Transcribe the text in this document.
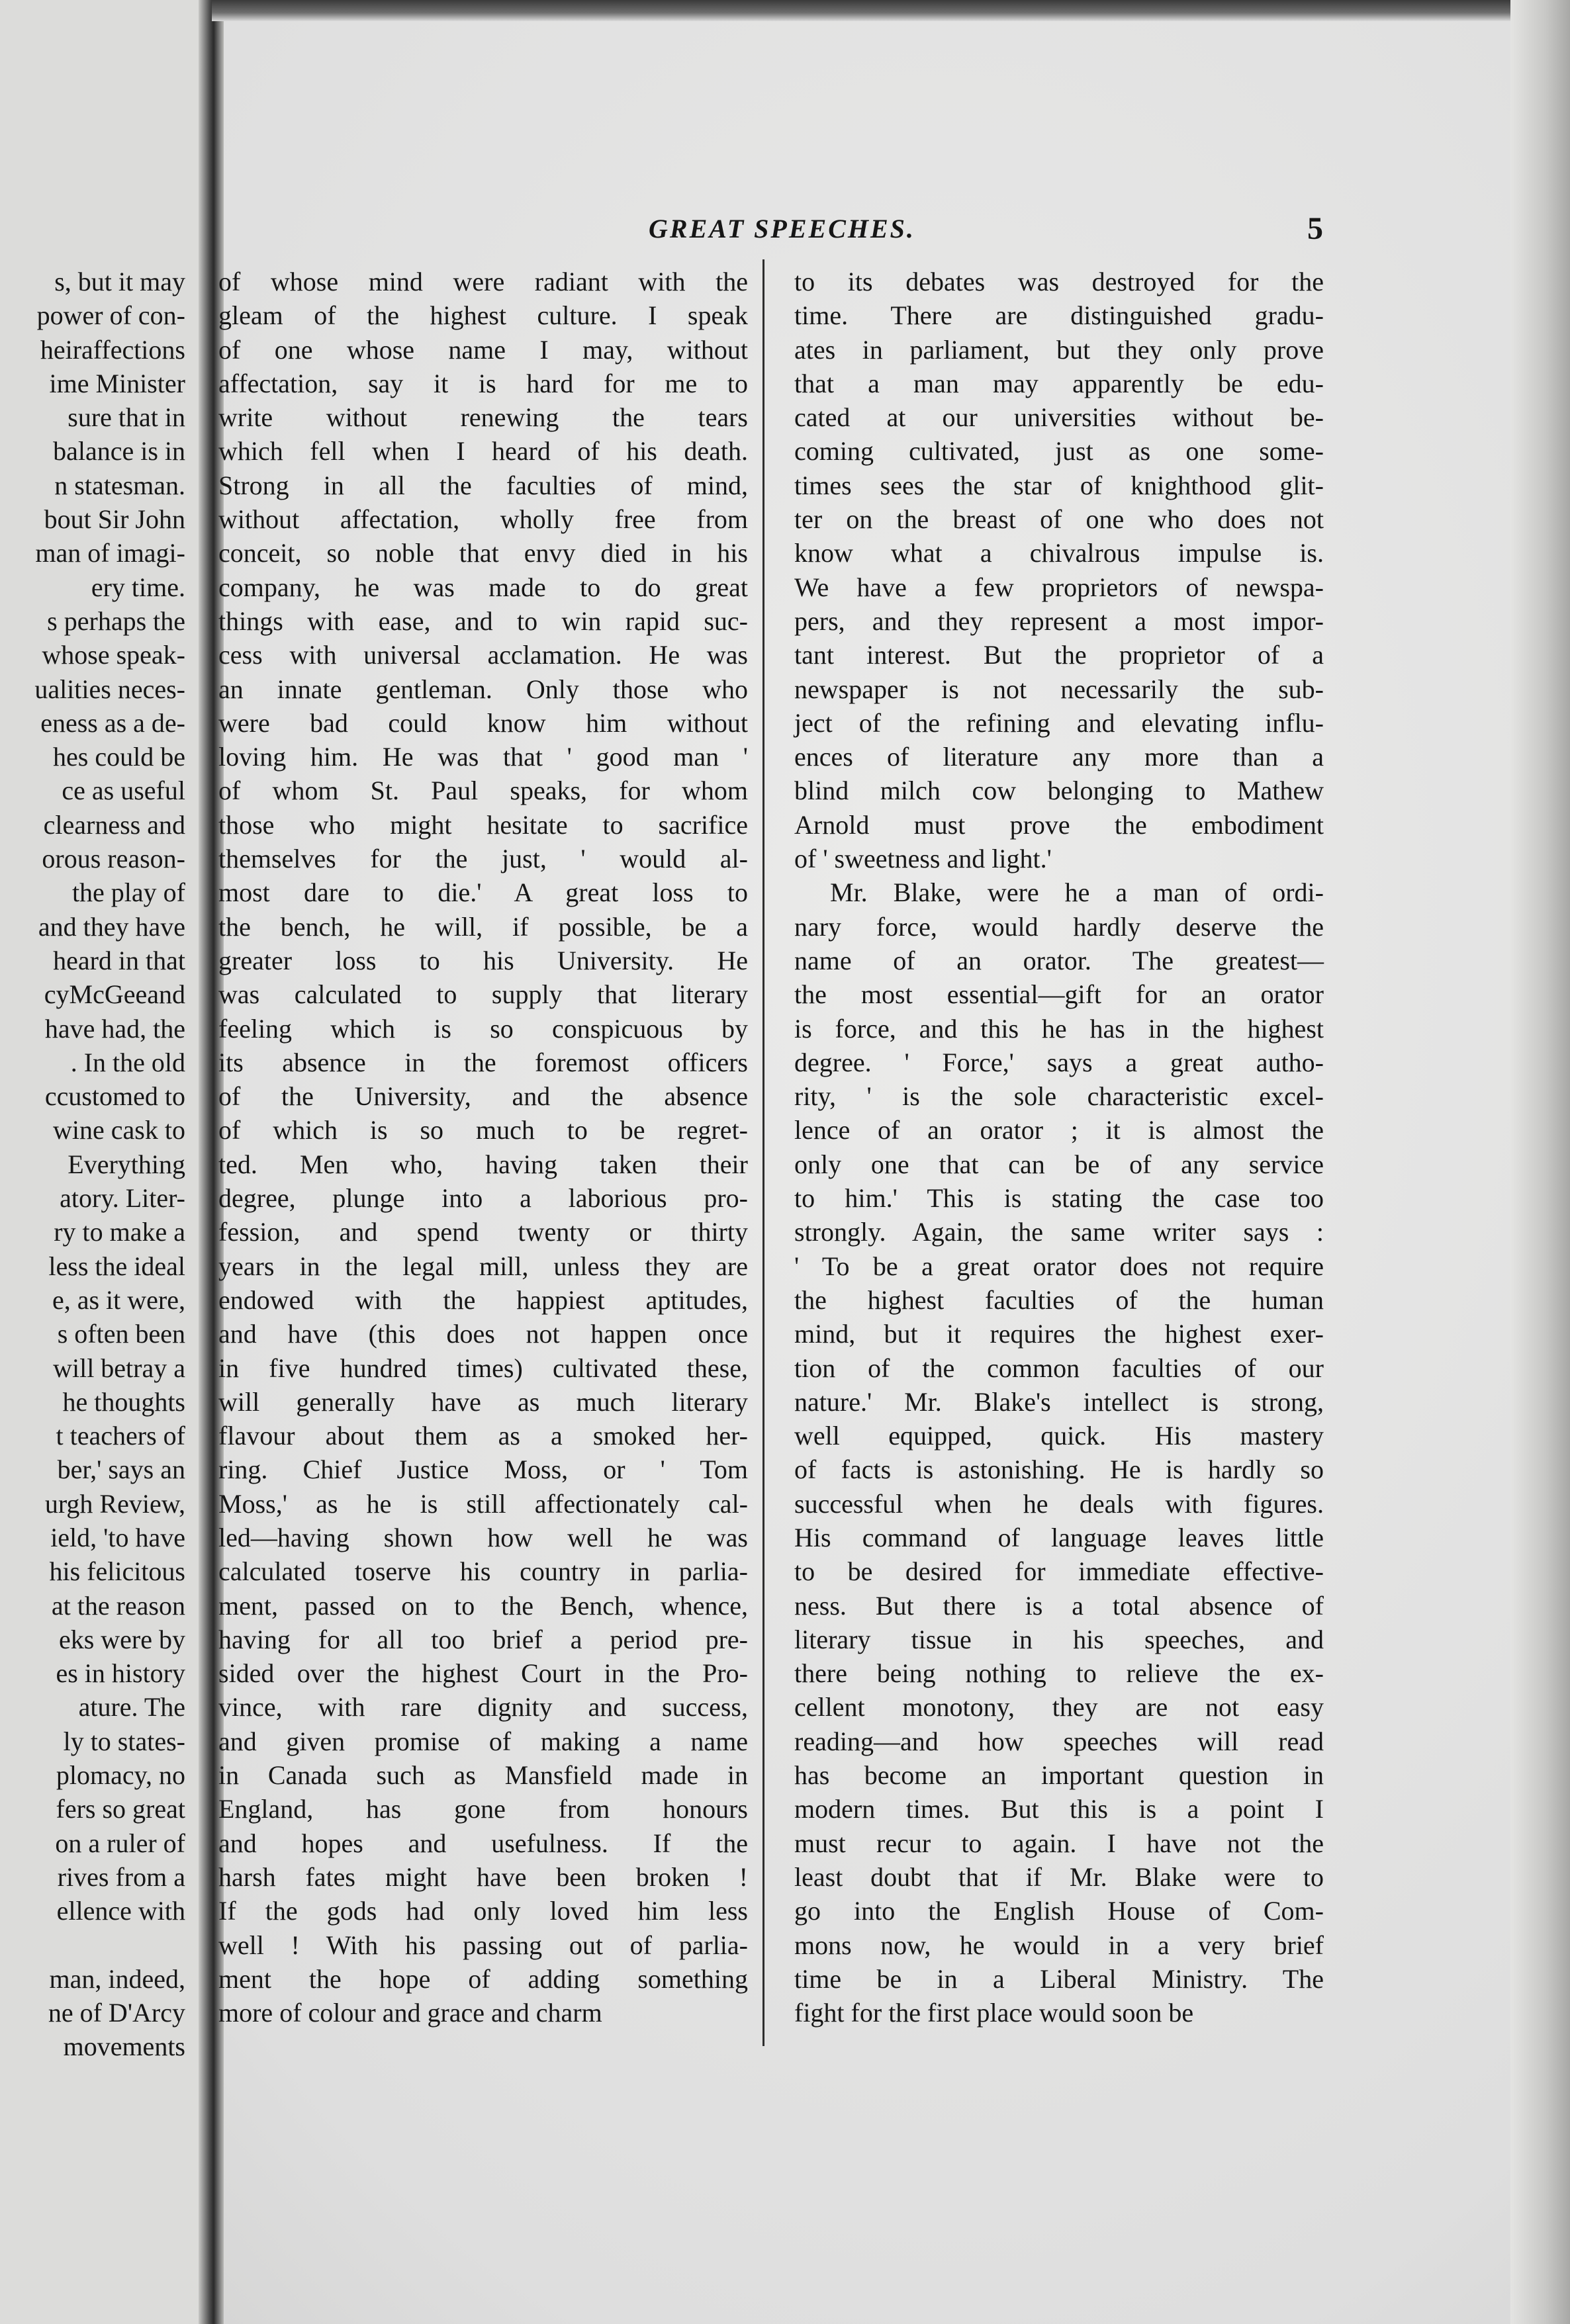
s, but it may
power of con-
heiraffections
ime Minister
sure that in
balance is in
n statesman.
bout Sir John
man of imagi-
ery time.
s perhaps the
whose speak-
ualities neces-
eness as a de-
hes could be
ce as useful
clearness and
orous reason-
the play of
and they have
heard in that
cyMcGeeand
have had, the
. In the old
ccustomed to
wine cask to
Everything
atory. Liter-
ry to make a
less the ideal
e, as it were,
s often been
will betray a
he thoughts
t teachers of
ber,' says an
urgh Review,
ield, 'to have
his felicitous
at the reason
eks were by
es in history
ature. The
ly to states-
plomacy, no
fers so great
on a ruler of
rives from a
ellence with
man, indeed,
ne of D'Arcy
movements
GREAT SPEECHES.	5
of whose mind were radiant with the
gleam of the highest culture. I speak
of one whose name I may, without
affectation, say it is hard for me to
write without renewing the tears
which fell when I heard of his death.
Strong in all the faculties of mind,
without affectation, wholly free from
conceit, so noble that envy died in his
company, he was made to do great
things with ease, and to win rapid suc-
cess with universal acclamation. He was
an innate gentleman. Only those who
were bad could know him without
loving him. He was that ' good man '
of whom St. Paul speaks, for whom
those who might hesitate to sacrifice
themselves for the just, ' would al-
most dare to die.' A great loss to
the bench, he will, if possible, be a
greater loss to his University. He
was calculated to supply that literary
feeling which is so conspicuous by
its absence in the foremost officers
of the University, and the absence
of which is so much to be regret-
ted. Men who, having taken their
degree, plunge into a laborious pro-
fession, and spend twenty or thirty
years in the legal mill, unless they are
endowed with the happiest aptitudes,
and have (this does not happen once
in five hundred times) cultivated these,
will generally have as much literary
flavour about them as a smoked her-
ring. Chief Justice Moss, or ' Tom
Moss,' as he is still affectionately cal-
led—having shown how well he was
calculated toserve his country in parlia-
ment, passed on to the Bench, whence,
having for all too brief a period pre-
sided over the highest Court in the Pro-
vince, with rare dignity and success,
and given promise of making a name
in Canada such as Mansfield made in
England, has gone from honours
and hopes and usefulness. If the
harsh fates might have been broken !
If the gods had only loved him less
well ! With his passing out of parlia-
ment the hope of adding something
more of colour and grace and charm
to its debates was destroyed for the
time. There are distinguished gradu-
ates in parliament, but they only prove
that a man may apparently be edu-
cated at our universities without be-
coming cultivated, just as one some-
times sees the star of knighthood glit-
ter on the breast of one who does not
know what a chivalrous impulse is.
We have a few proprietors of newspa-
pers, and they represent a most impor-
tant interest. But the proprietor of a
newspaper is not necessarily the sub-
ject of the refining and elevating influ-
ences of literature any more than a
blind milch cow belonging to Mathew
Arnold must prove the embodiment
of ' sweetness and light.'
Mr. Blake, were he a man of ordi-
nary force, would hardly deserve the
name of an orator. The greatest—
the most essential—gift for an orator
is force, and this he has in the highest
degree. ' Force,' says a great autho-
rity, ' is the sole characteristic excel-
lence of an orator ; it is almost the
only one that can be of any service
to him.' This is stating the case too
strongly. Again, the same writer says :
' To be a great orator does not require
the highest faculties of the human
mind, but it requires the highest exer-
tion of the common faculties of our
nature.' Mr. Blake's intellect is strong,
well equipped, quick. His mastery
of facts is astonishing. He is hardly so
successful when he deals with figures.
His command of language leaves little
to be desired for immediate effective-
ness. But there is a total absence of
literary tissue in his speeches, and
there being nothing to relieve the ex-
cellent monotony, they are not easy
reading—and how speeches will read
has become an important question in
modern times. But this is a point I
must recur to again. I have not the
least doubt that if Mr. Blake were to
go into the English House of Com-
mons now, he would in a very brief
time be in a Liberal Ministry. The
fight for the first place would soon be
